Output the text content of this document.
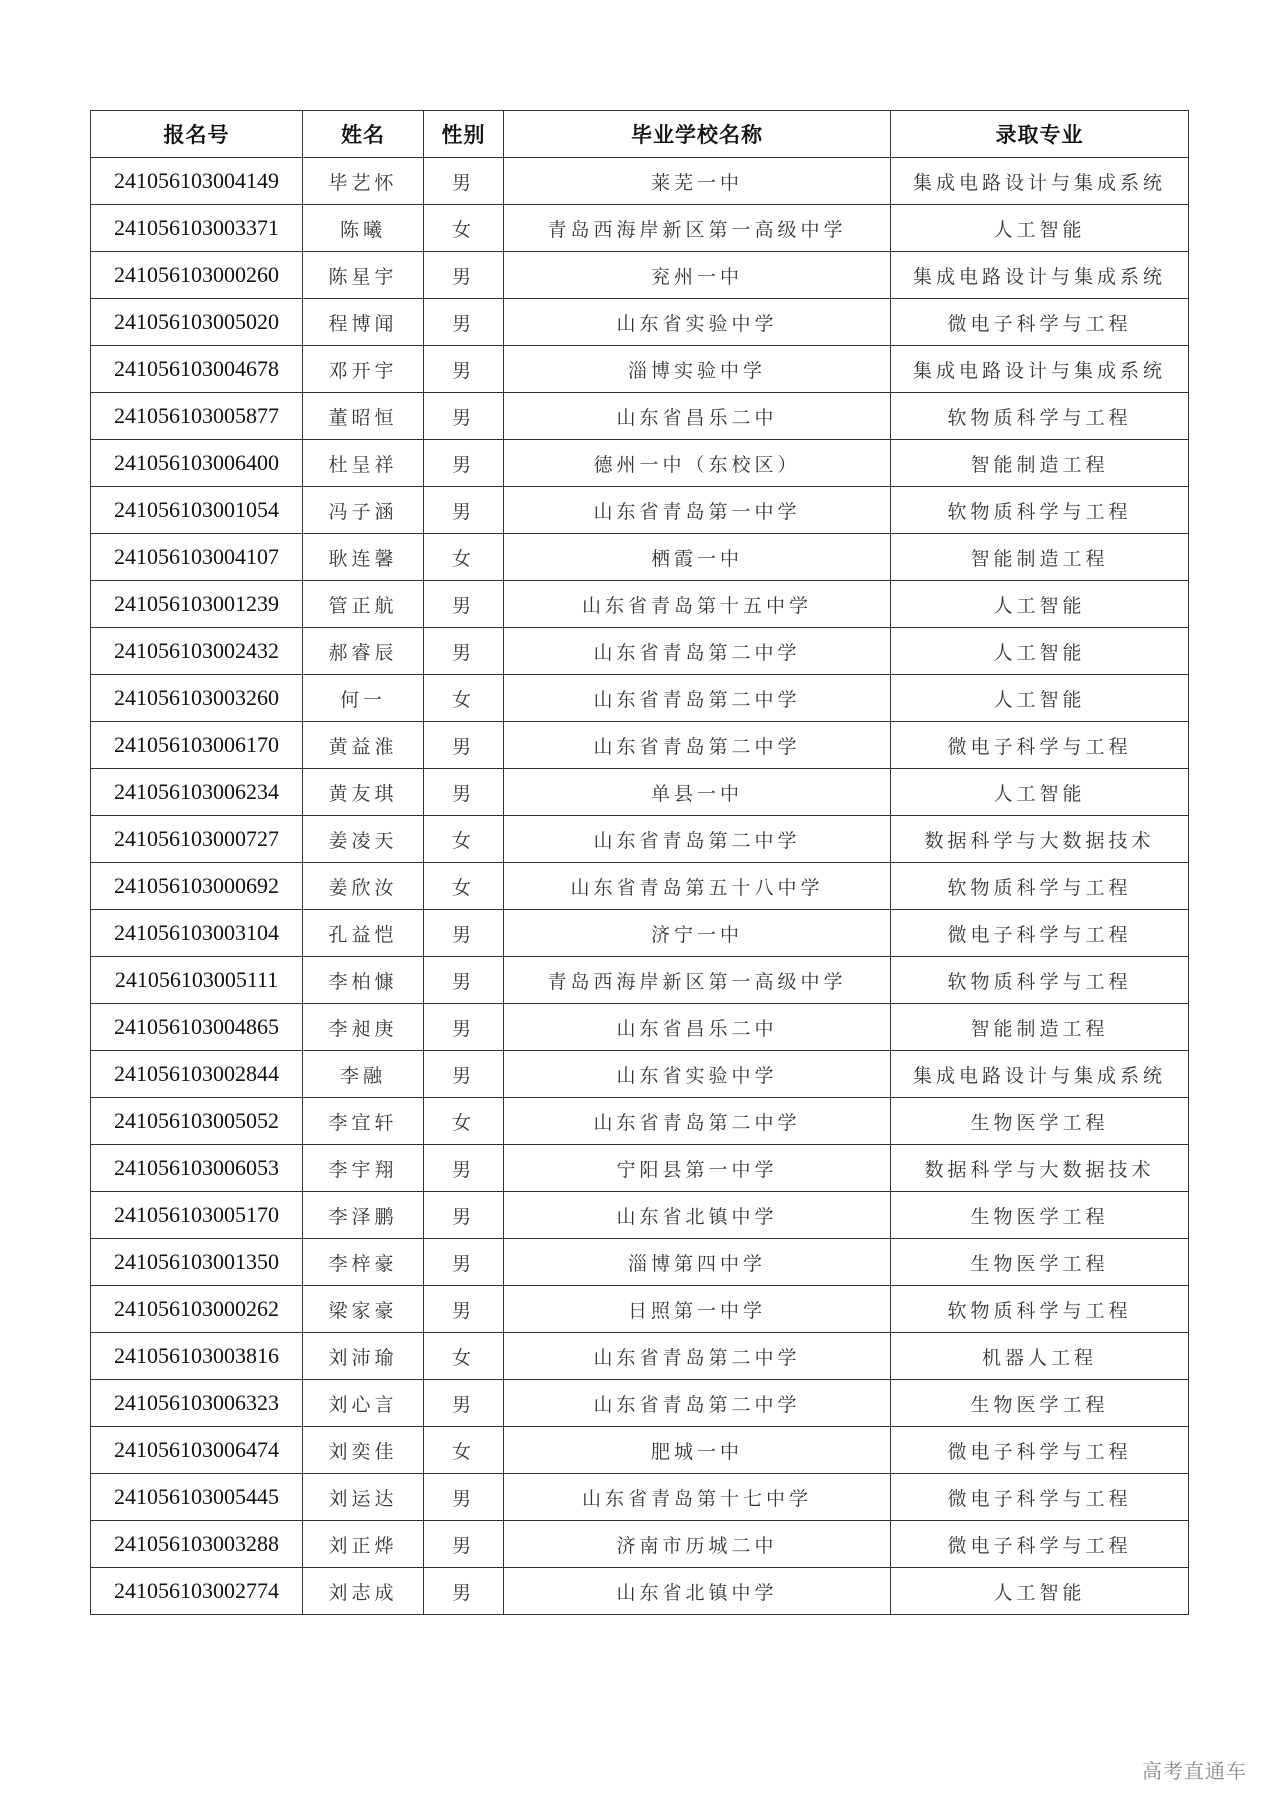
报名号	姓名	性别	毕业学校名称	录取专业
241056103004149	毕艺怀	男	莱芜一中	集成电路设计与集成系统
241056103003371	陈曦	女	青岛西海岸新区第一高级中学	人工智能
241056103000260	陈星宇	男	兖州一中	集成电路设计与集成系统
241056103005020	程博闻	男	山东省实验中学	微电子科学与工程
241056103004678	邓开宇	男	淄博实验中学	集成电路设计与集成系统
241056103005877	董昭恒	男	山东省昌乐二中	软物质科学与工程
241056103006400	杜呈祥	男	德州一中（东校区）	智能制造工程
241056103001054	冯子涵	男	山东省青岛第一中学	软物质科学与工程
241056103004107	耿连馨	女	栖霞一中	智能制造工程
241056103001239	管正航	男	山东省青岛第十五中学	人工智能
241056103002432	郝睿辰	男	山东省青岛第二中学	人工智能
241056103003260	何一	女	山东省青岛第二中学	人工智能
241056103006170	黄益淮	男	山东省青岛第二中学	微电子科学与工程
241056103006234	黄友琪	男	单县一中	人工智能
241056103000727	姜凌天	女	山东省青岛第二中学	数据科学与大数据技术
241056103000692	姜欣汝	女	山东省青岛第五十八中学	软物质科学与工程
241056103003104	孔益恺	男	济宁一中	微电子科学与工程
241056103005111	李柏慷	男	青岛西海岸新区第一高级中学	软物质科学与工程
241056103004865	李昶庚	男	山东省昌乐二中	智能制造工程
241056103002844	李融	男	山东省实验中学	集成电路设计与集成系统
241056103005052	李宜轩	女	山东省青岛第二中学	生物医学工程
241056103006053	李宇翔	男	宁阳县第一中学	数据科学与大数据技术
241056103005170	李泽鹏	男	山东省北镇中学	生物医学工程
241056103001350	李梓豪	男	淄博第四中学	生物医学工程
241056103000262	梁家豪	男	日照第一中学	软物质科学与工程
241056103003816	刘沛瑜	女	山东省青岛第二中学	机器人工程
241056103006323	刘心言	男	山东省青岛第二中学	生物医学工程
241056103006474	刘奕佳	女	肥城一中	微电子科学与工程
241056103005445	刘运达	男	山东省青岛第十七中学	微电子科学与工程
241056103003288	刘正烨	男	济南市历城二中	微电子科学与工程
241056103002774	刘志成	男	山东省北镇中学	人工智能
高考直通车
